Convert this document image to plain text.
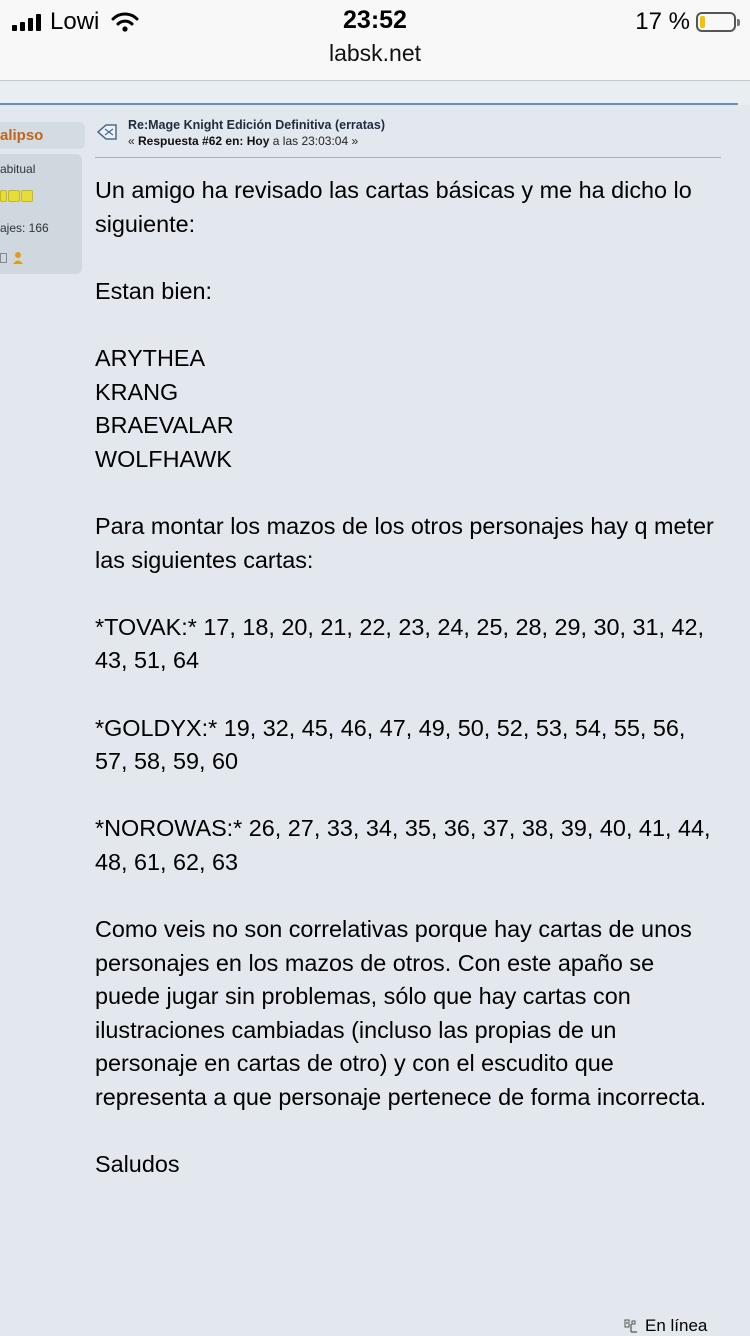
Lowi	23:52	17 %
labsk.net
alipso
abitual
ajes: 166
Re:Mage Knight Edición Definitiva (erratas)
« Respuesta #62 en: Hoy a las 23:03:04 »

Un amigo ha revisado las cartas básicas y me ha dicho lo siguiente:

Estan bien:

ARYTHEA

KRANG

BRAEVALAR

WOLFHAWK

Para montar los mazos de los otros personajes hay q meter las siguientes cartas:

*TOVAK:* 17, 18, 20, 21, 22, 23, 24, 25, 28, 29, 30, 31, 42, 43, 51, 64

*GOLDYX:* 19, 32, 45, 46, 47, 49, 50, 52, 53, 54, 55, 56, 57, 58, 59, 60

*NOROWAS:* 26, 27, 33, 34, 35, 36, 37, 38, 39, 40, 41, 44, 48, 61, 62, 63

Como veis no son correlativas porque hay cartas de unos personajes en los mazos de otros. Con este apaño se puede jugar sin problemas, sólo que hay cartas con ilustraciones cambiadas (incluso las propias de un personaje en cartas de otro) y con el escudito que representa a que personaje pertenece de forma incorrecta.

Saludos

En línea
